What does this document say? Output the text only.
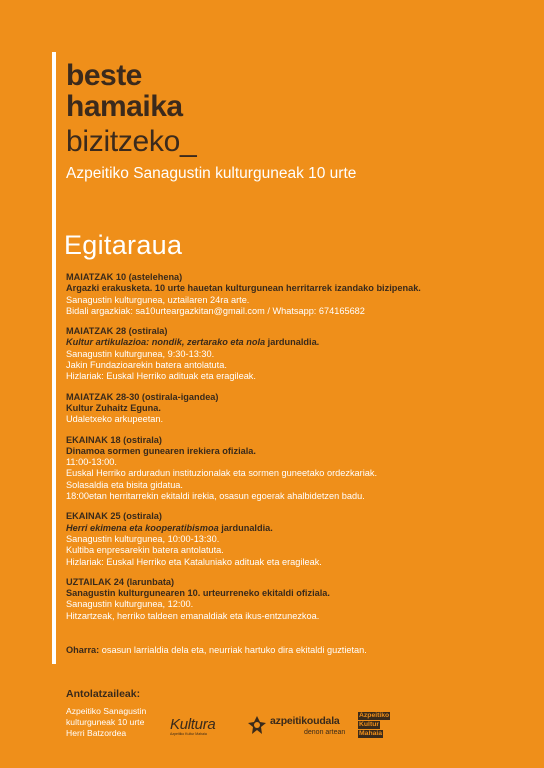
beste
hamaika
bizitzeko_
Azpeitiko Sanagustin kulturguneak 10 urte
Egitaraua
MAIATZAK 10 (astelehena)
Argazki erakusketa. 10 urte hauetan kulturgunean herritarrek izandako bizipenak.
Sanagustin kulturgunea, uztailaren 24ra arte.
Bidali argazkiak: sa10urteargazkitan@gmail.com / Whatsapp: 674165682
MAIATZAK 28 (ostirala)
Kultur artikulazioa: nondik, zertarako eta nola jardunaldia.
Sanagustin kulturgunea, 9:30-13:30.
Jakin Fundazioarekin batera antolatuta.
Hizlariak: Euskal Herriko adituak eta eragileak.
MAIATZAK 28-30 (ostirala-igandea)
Kultur Zuhaitz Eguna.
Udaletxeko arkupeetan.
EKAINAK 18 (ostirala)
Dinamoa sormen gunearen irekiera ofiziala.
11:00-13:00.
Euskal Herriko arduradun instituzionalak eta sormen guneetako ordezkariak.
Solasaldia eta bisita gidatua.
18:00etan herritarrekin ekitaldi irekia, osasun egoerak ahalbidetzen badu.
EKAINAK 25 (ostirala)
Herri ekimena eta kooperatibismoa jardunaldia.
Sanagustin kulturgunea, 10:00-13:30.
Kultiba enpresarekin batera antolatuta.
Hizlariak: Euskal Herriko eta Kataluniako adituak eta eragileak.
UZTAILAK 24 (larunbata)
Sanagustin kulturgunearen 10. urteurreneko ekitaldi ofiziala.
Sanagustin kulturgunea, 12:00.
Hitzartzeak, herriko taldeen emanaldiak eta ikus-entzunezkoa.
Oharra: osasun larrialdia dela eta, neurriak hartuko dira ekitaldi guztietan.
Antolatzaileak:
Azpeitiko Sanagustin
kulturguneak 10 urte
Herri Batzordea	Kultura
Azpeitiko Kultur Mahaia
azpeitikoudala
denon artean
Azpeitiko
Kultur
Mahaia
